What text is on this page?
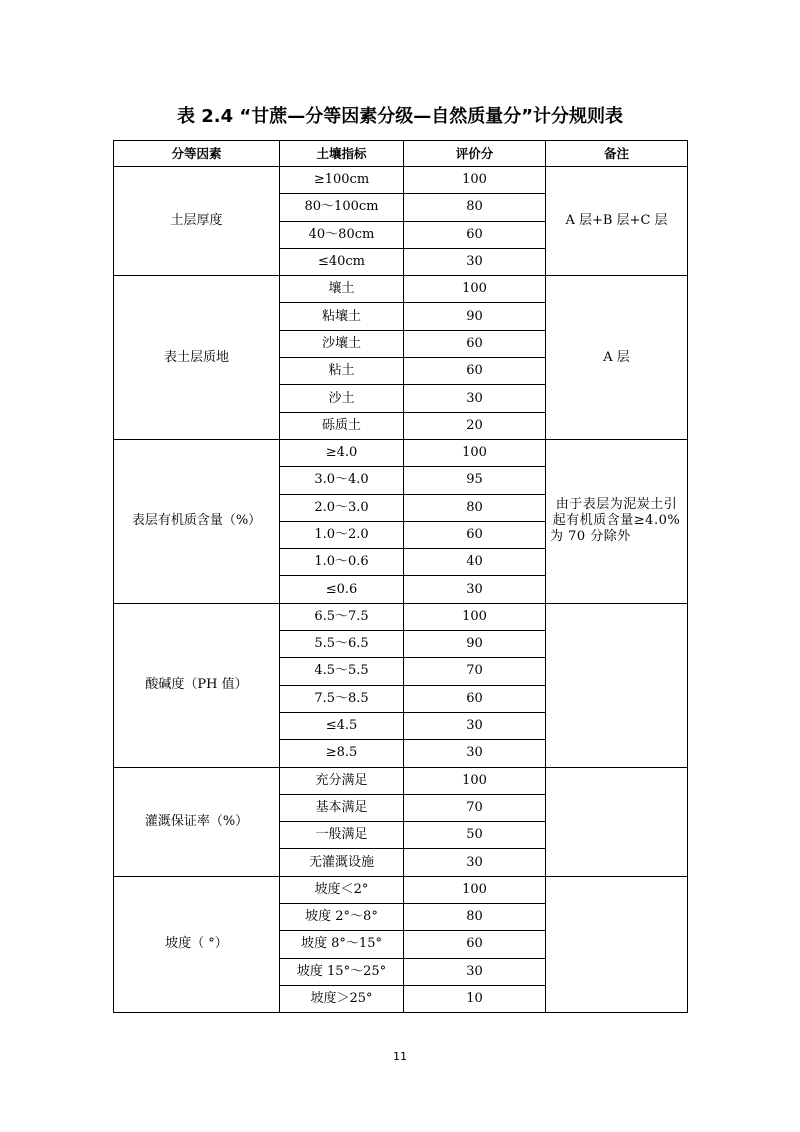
表 2.4 “甘蔗—分等因素分级—自然质量分”计分规则表
分等因素	土壤指标	评价分	备注
土层厚度	≥100cm	100	A 层+B 层+C 层
	80～100cm	80	
	40～80cm	60	
	≤40cm	30	
表土层质地	壤土	100	A 层
	粘壤土	90	
	沙壤土	60	
	粘土	60	
	沙土	30	
	砾质土	20	
表层有机质含量（%）	≥4.0	100	由于表层为泥炭土引起有机质含量≥4.0%为 70 分除外
	3.0～4.0	95	
	2.0～3.0	80	
	1.0～2.0	60	
	1.0～0.6	40	
	≤0.6	30	
酸碱度（PH 值）	6.5～7.5	100	
	5.5～6.5	90	
	4.5～5.5	70	
	7.5～8.5	60	
	≤4.5	30	
	≥8.5	30	
灌溉保证率（%）	充分满足	100	
	基本满足	70	
	一般满足	50	
	无灌溉设施	30	
坡度（ °）	坡度＜2°	100	
	坡度 2°～8°	80	
	坡度 8°～15°	60	
	坡度 15°～25°	30	
	坡度＞25°	10	
11
